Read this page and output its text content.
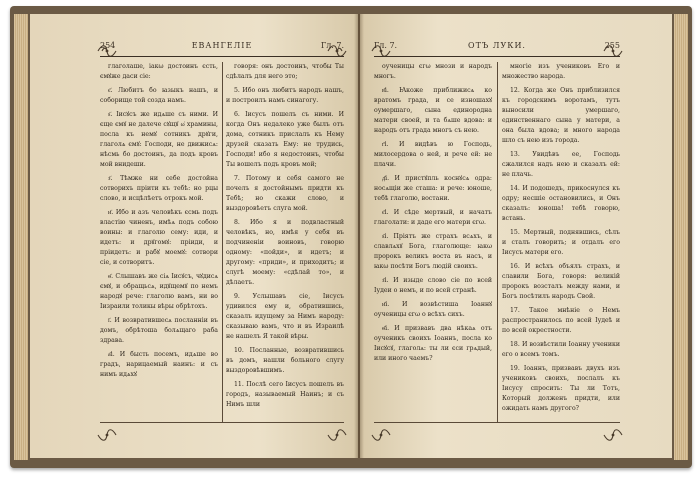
254	ЕВАНГЕЛІЕ	Гл. 7.

глаголаше, іакω достоинъ єсть, ємꙋже даси сіе:

є҃. Любитъ бо ꙗзыкъ нашъ, и соборище той созда намъ.

ѕ҃. Іисꙋсъ же идѧше съ ними. И єще ємꙋ не далече сꙋщꙋ ω҆ храмины, посла къ немꙋ сотникъ дрꙋги, глаголѧ ємꙋ: Господи, не движисѧ: нѣсмь бо достоинъ, да подъ кровъ мой внидеши.

з҃. Тѣмже ни себе достойна сотворихъ пріити къ тебѣ: но рцы слово, и исцѣлѣетъ отрокъ мой.

и҃. Ибо и азъ человѣкъ єсмь подъ властію чиненъ, имѣѧ подъ собою воины: и глаголю сему: иди, и идетъ: и дрꙋгомꙋ: пріиди, и пріидетъ: и рабꙋ моемꙋ: сотвори сіе, и сотворитъ.

ѳ҃. Слышавъ же сіѧ Іисꙋсъ, чꙋдисѧ ємꙋ, и обращьсѧ, идꙋщемꙋ по немъ народꙋ рече: глаголю вамъ, ни во Іизраили толикы вѣры обрѣтохъ.

і҃. И возвратившесѧ посланніи въ домъ, обрѣтоша болѧщаго раба здрава.

а҃і. И бысть посемъ, идѧше во градъ, нарицаемый наинъ: и съ нимъ идѧхꙋ

говоря: онъ достоинъ, чтобы Ты сдѣлалъ для него это;

5. Ибо онъ любитъ народъ нашъ, и построилъ намъ синагогу.

6. Іисусъ пошелъ съ ними. И когда Онъ недалеко уже былъ отъ дома, сотникъ прислалъ къ Нему друзей сказать Ему: не трудись, Господи! ибо я недостоинъ, чтобы Ты вошелъ подъ кровъ мой;

7. Потому и себя самого не почелъ я достойнымъ придти къ Тебѣ; но скажи слово, и выздоровѣетъ слуга мой.

8. Ибо я и подвластный человѣкъ, но, имѣя у себя въ подчиненіи воиновъ, говорю одному: «пойди», и идетъ; и другому: «приди», и приходитъ; и слугѣ моему: «сдѣлай то», и дѣлаетъ.

9. Услышавъ сіе, Іисусъ удивился ему и, обратившись, сказалъ идущему за Нимъ народу: сказываю вамъ, что и въ Израилѣ не нашелъ Я такой вѣры.

10. Посланные, возвратившись въ домъ, нашли больного слугу выздоровѣвшимъ.

11. Послѣ сего Іисусъ пошелъ въ городъ, называемый Наинъ; и съ Нимъ шли

Гл. 7.	ОТЪ ЛУКИ.	255

оученицы єгω мнози и народъ многъ.

в҃і. Ꙗкоже приближисѧ ко вратомъ града, и се изношахꙋ оумершаго, сына единородна матери своей, и та бѧше вдова: и народъ отъ града многъ съ нею.

г҃і. И видѣвъ ю Господь, милосердова о ней, и рече ей: не плачи.

д҃і. И пристꙋпль коснꙋсѧ одра: носѧщіи же сташа: и рече: юноше, тебѣ глаголю, востани.

є҃і. И сѣде мертвый, и начатъ глаголати: и даде его матери єгω.

ѕ҃і. Пріятъ же страхъ всѧхъ, и славлѧхꙋ Бога, глаголюще: ꙗкω пророкъ великъ воста въ насъ, и ꙗкω посѣти Богъ людій своихъ.

з҃і. И изыде слово сіе по всей Іудеи о немъ, и по всей странѣ.

и҃і. И возвѣстиша Іоаннꙋ оученицы єгω о всѣхъ сихъ.

ѳ҃і. И призвавъ два нѣкаѧ отъ оученикъ своихъ Іоаннъ, посла ко Іисꙋсꙋ, глаголѧ: ты ли єси грѧдый, или иного чаемъ?

многіе изъ учениковъ Его и множество народа.

12. Когда же Онъ приблизился къ городскимъ воротамъ, тутъ выносили умершаго, единственнаго сына у матери, а она была вдова; и много народа шло съ нею изъ города.

13. Увидѣвъ ее, Господь сжалился надъ нею и сказалъ ей: не плачь.

14. И подошедъ, прикоснулся къ одру; несшіе остановились, и Онъ сказалъ: юноша! тебѣ говорю, встань.

15. Мертвый, поднявшись, сѣлъ и сталъ говорить; и отдалъ его Іисусъ матери его.

16. И всѣхъ объялъ страхъ, и славили Бога, говоря: великій пророкъ возсталъ между нами, и Богъ посѣтилъ народъ Свой.

17. Такое мнѣніе о Немъ распространилось по всей Іудеѣ и по всей окрестности.

18. И возвѣстили Іоанну ученики его о всемъ томъ.

19. Іоаннъ, призвавъ двухъ изъ учениковъ своихъ, послалъ къ Іисусу спросить: Ты ли Тотъ, Который долженъ придти, или ожидать намъ другого?
